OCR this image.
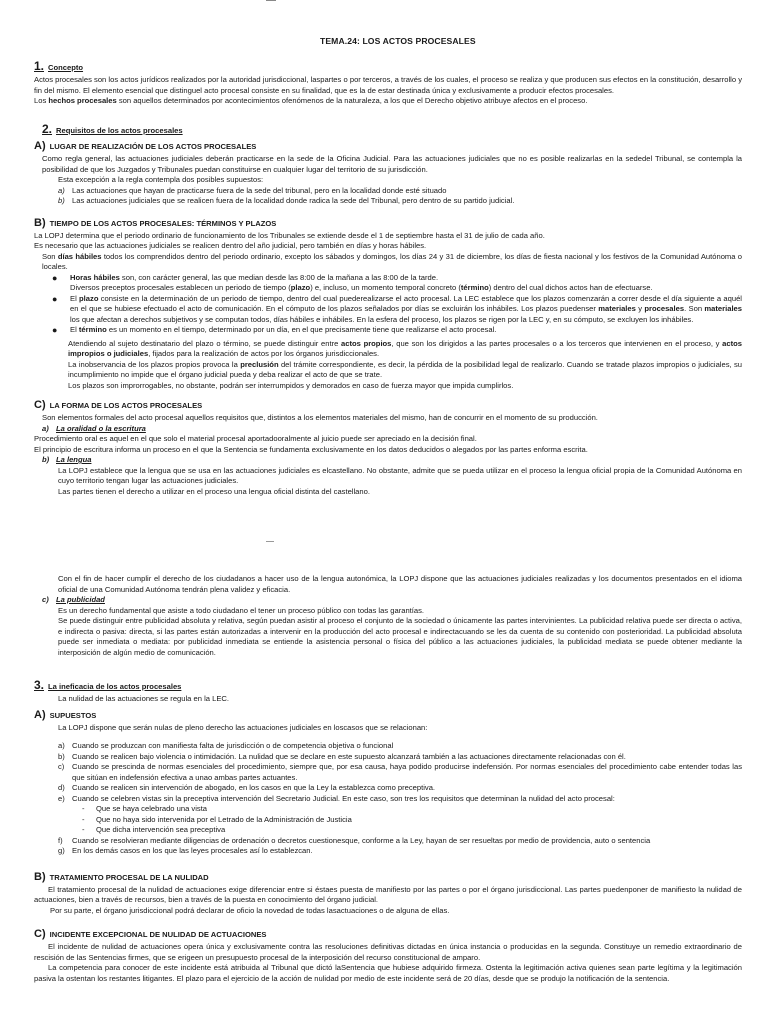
TEMA.24: LOS ACTOS PROCESALES
1. Concepto

Actos procesales son los actos jurídicos realizados por la autoridad jurisdiccional, laspartes o por terceros, a través de los cuales, el proceso se realiza y que producen sus efectos en la constitución, desarrollo y fin del mismo. El elemento esencial que distinguel acto procesal consiste en su finalidad, que es la de estar destinada única y exclusivamente a producir efectos procesales.

Los hechos procesales son aquellos determinados por acontecimientos ofenómenos de la naturaleza, a los que el Derecho objetivo atribuye afectos en el proceso.

2. Requisitos de los actos procesales
A) LUGAR DE REALIZACIÓN DE LOS ACTOS PROCESALES

Como regla general, las actuaciones judiciales deberán practicarse en la sede de la Oficina Judicial. Para las actuaciones judiciales que no es posible realizarlas en la sededel Tribunal, se contempla la posibilidad de que los Juzgados y Tribunales puedan constituirse en cualquier lugar del territorio de su jurisdicción.

Esta excepción a la regla contempla dos posibles supuestos:

a) Las actuaciones que hayan de practicarse fuera de la sede del tribunal, pero en la localidad donde esté situado
b) Las actuaciones judiciales que se realicen fuera de la localidad donde radica la sede del Tribunal, pero dentro de su partido judicial.
B) TIEMPO DE LOS ACTOS PROCESALES: TÉRMINOS Y PLAZOS

La LOPJ determina que el periodo ordinario de funcionamiento de los Tribunales se extiende desde el 1 de septiembre hasta el 31 de julio de cada año.

Es necesario que las actuaciones judiciales se realicen dentro del año judicial, pero también en días y horas hábiles.

Son días hábiles todos los comprendidos dentro del periodo ordinario, excepto los sábados y domingos, los días 24 y 31 de diciembre, los días de fiesta nacional y los festivos de la Comunidad Autónoma o locales.

●	Horas hábiles son, con carácter general, las que median desde las 8:00 de la mañana a las 8:00 de la tarde.
Diversos preceptos procesales establecen un periodo de tiempo (plazo) e, incluso, un momento temporal concreto (término) dentro del cual dichos actos han de efectuarse.
●	El plazo consiste en la determinación de un periodo de tiempo, dentro del cual puederealizarse el acto procesal. La LEC establece que los plazos comenzarán a correr desde el día siguiente a aquél en el que se hubiese efectuado el acto de comunicación. En el cómputo de los plazos señalados por días se excluirán los inhábiles. Los plazos puedenser materiales y procesales. Son materiales los que afectan a derechos subjetivos y se computan todos, días hábiles e inhábiles. En la esfera del proceso, los plazos se rigen por la LEC y, en su cómputo, se excluyen los inhábiles.
●	El término es un momento en el tiempo, determinado por un día, en el que precisamente tiene que realizarse el acto procesal.

Atendiendo al sujeto destinatario del plazo o término, se puede distinguir entre actos propios, que son los dirigidos a las partes procesales o a los terceros que intervienen en el proceso, y actos impropios o judiciales, fijados para la realización de actos por los órganos jurisdiccionales.

La inobservancia de los plazos propios provoca la preclusión del trámite correspondiente, es decir, la pérdida de la posibilidad legal de realizarlo. Cuando se tratade plazos impropios o judiciales, su incumplimiento no impide que el órgano judicial pueda y deba realizar el acto de que se trate.

Los plazos son improrrogables, no obstante, podrán ser interrumpidos y demorados en caso de fuerza mayor que impida cumplirlos.

C) LA FORMA DE LOS ACTOS PROCESALES

Son elementos formales del acto procesal aquellos requisitos que, distintos a los elementos materiales del mismo, han de concurrir en el momento de su producción.

a) La oralidad o la escritura

Procedimiento oral es aquel en el que solo el material procesal aportadooralmente al juicio puede ser apreciado en la decisión final.

El principio de escritura informa un proceso en el que la Sentencia se fundamenta exclusivamente en los datos deducidos o alegados por las partes enforma escrita.

b) La lengua

La LOPJ establece que la lengua que se usa en las actuaciones judiciales es elcastellano. No obstante, admite que se pueda utilizar en el proceso la lengua oficial propia de la Comunidad Autónoma en cuyo territorio tengan lugar las actuaciones judiciales.

Las partes tienen el derecho a utilizar en el proceso una lengua oficial distinta del castellano.

Con el fin de hacer cumplir el derecho de los ciudadanos a hacer uso de la lengua autonómica, la LOPJ dispone que las actuaciones judiciales realizadas y los documentos presentados en el idioma oficial de una Comunidad Autónoma tendrán plena validez y eficacia.

c) La publicidad

Es un derecho fundamental que asiste a todo ciudadano el tener un proceso público con todas las garantías.

Se puede distinguir entre publicidad absoluta y relativa, según puedan asistir al proceso el conjunto de la sociedad o únicamente las partes intervinientes. La publicidad relativa puede ser directa o activa, e indirecta o pasiva: directa, si las partes están autorizadas a intervenir en la producción del acto procesal e indirectacuando se les da cuenta de su contenido con posterioridad. La publicidad absoluta puede ser inmediata o mediata: por publicidad inmediata se entiende la asistencia personal o física del público a las actuaciones judiciales, la publicidad mediata se puede obtener mediante la interposición de algún medio de comunicación.

3. La ineficacia de los actos procesales

La nulidad de las actuaciones se regula en la LEC.

A) SUPUESTOS

La LOPJ dispone que serán nulas de pleno derecho las actuaciones judiciales en loscasos que se relacionan:

a) Cuando se produzcan con manifiesta falta de jurisdicción o de competencia objetiva o funcional
b) Cuando se realicen bajo violencia o intimidación. La nulidad que se declare en este supuesto alcanzará también a las actuaciones directamente relacionadas con él.
c)	Cuando se prescinda de normas esenciales del procedimiento, siempre que, por esa causa, haya podido producirse indefensión. Por normas esenciales del procedimiento cabe entender todas las que sitúan en indefensión efectiva a unao ambas partes actuantes.
d) Cuando se realicen sin intervención de abogado, en los casos en que la Ley la establezca como preceptiva.
e) Cuando se celebren vistas sin la preceptiva intervención del Secretario Judicial. En este caso, son tres los requisitos que determinan la nulidad del acto procesal:
-	Que se haya celebrado una vista
-	Que no haya sido intervenida por el Letrado de la Administración de Justicia
-	Que dicha intervención sea preceptiva
f)	Cuando se resolvieran mediante diligencias de ordenación o decretos cuestionesque, conforme a la Ley, hayan de ser resueltas por medio de providencia, auto o sentencia
g) En los demás casos en los que las leyes procesales así lo establezcan.
B) TRATAMIENTO PROCESAL DE LA NULIDAD

El tratamiento procesal de la nulidad de actuaciones exige diferenciar entre si éstaes puesta de manifiesto por las partes o por el órgano jurisdiccional. Las partes puedenponer de manifiesto la nulidad de actuaciones, bien a través de recursos, bien a través de la puesta en conocimiento del órgano judicial.

Por su parte, el órgano jurisdiccional podrá declarar de oficio la novedad de todas lasactuaciones o de alguna de ellas.

C) INCIDENTE EXCEPCIONAL DE NULIDAD DE ACTUACIONES

El incidente de nulidad de actuaciones opera única y exclusivamente contra las resoluciones definitivas dictadas en única instancia o producidas en la segunda. Constituye un remedio extraordinario de rescisión de las Sentencias firmes, que se erigeen un presupuesto procesal de la interposición del recurso constitucional de amparo.

La competencia para conocer de este incidente está atribuida al Tribunal que dictó laSentencia que hubiese adquirido firmeza. Ostenta la legitimación activa quienes sean parte legítima y la legitimación pasiva la ostentan los restantes litigantes. El plazo para el ejercicio de la acción de nulidad por medio de este incidente será de 20 días, desde que se produjo la notificación de la sentencia.
